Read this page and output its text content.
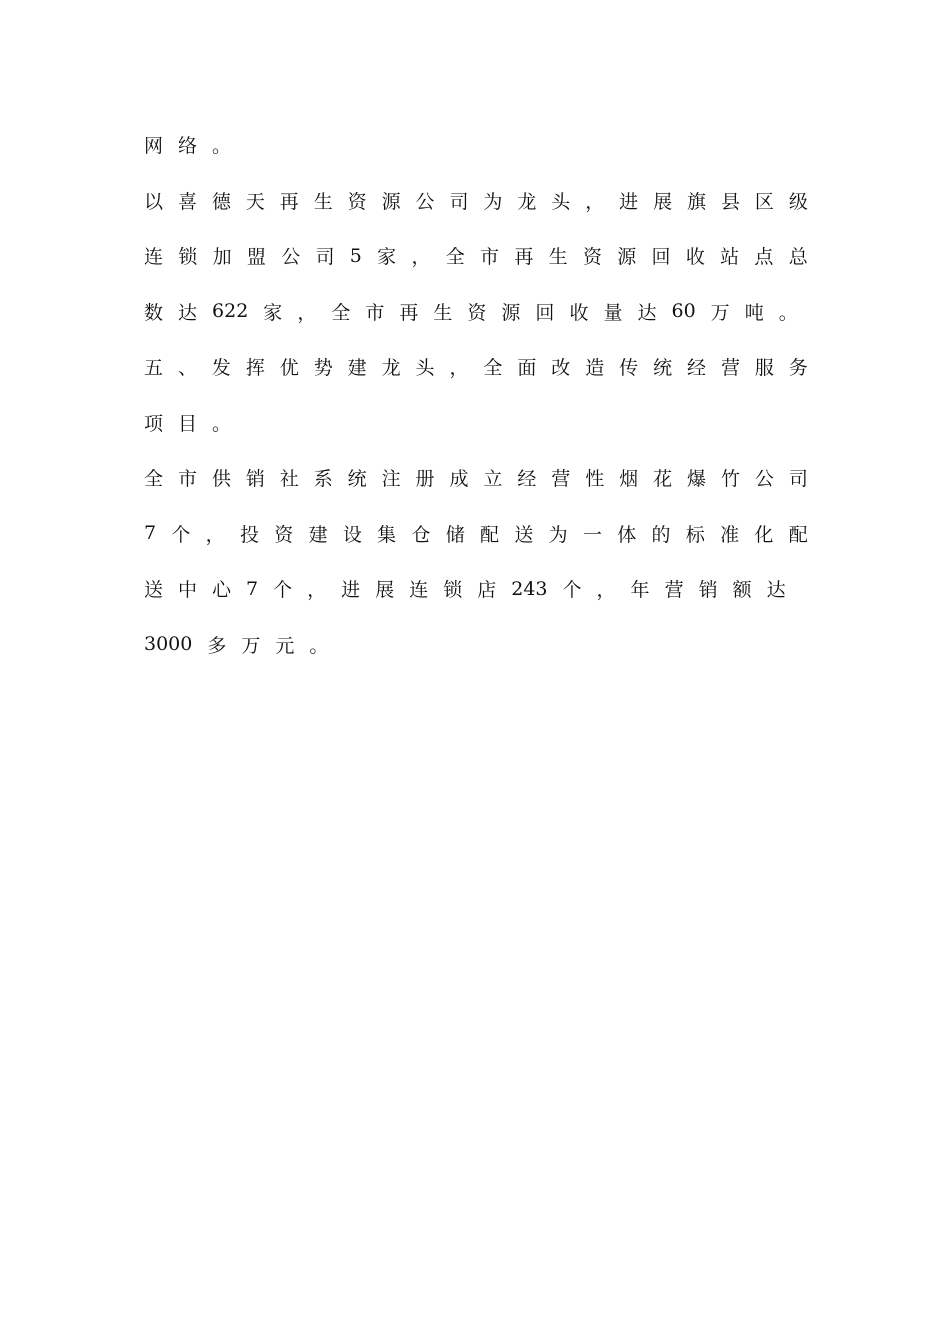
网 络 。
以 喜 德 天 再 生 资 源 公 司 为 龙 头 ， 进 展 旗 县 区 级
连 锁 加 盟 公 司 5 家 ， 全 市 再 生 资 源 回 收 站 点 总
数 达 622 家 ， 全 市 再 生 资 源 回 收 量 达 60 万 吨 。
五 、 发 挥 优 势 建 龙 头 ， 全 面 改 造 传 统 经 营 服 务
项 目 。
全 市 供 销 社 系 统 注 册 成 立 经 营 性 烟 花 爆 竹 公 司
7 个 ， 投 资 建 设 集 仓 储 配 送 为 一 体 的 标 准 化 配
送 中 心 7 个 ， 进 展 连 锁 店 243 个 ， 年 营 销 额 达
3000 多 万 元 。
